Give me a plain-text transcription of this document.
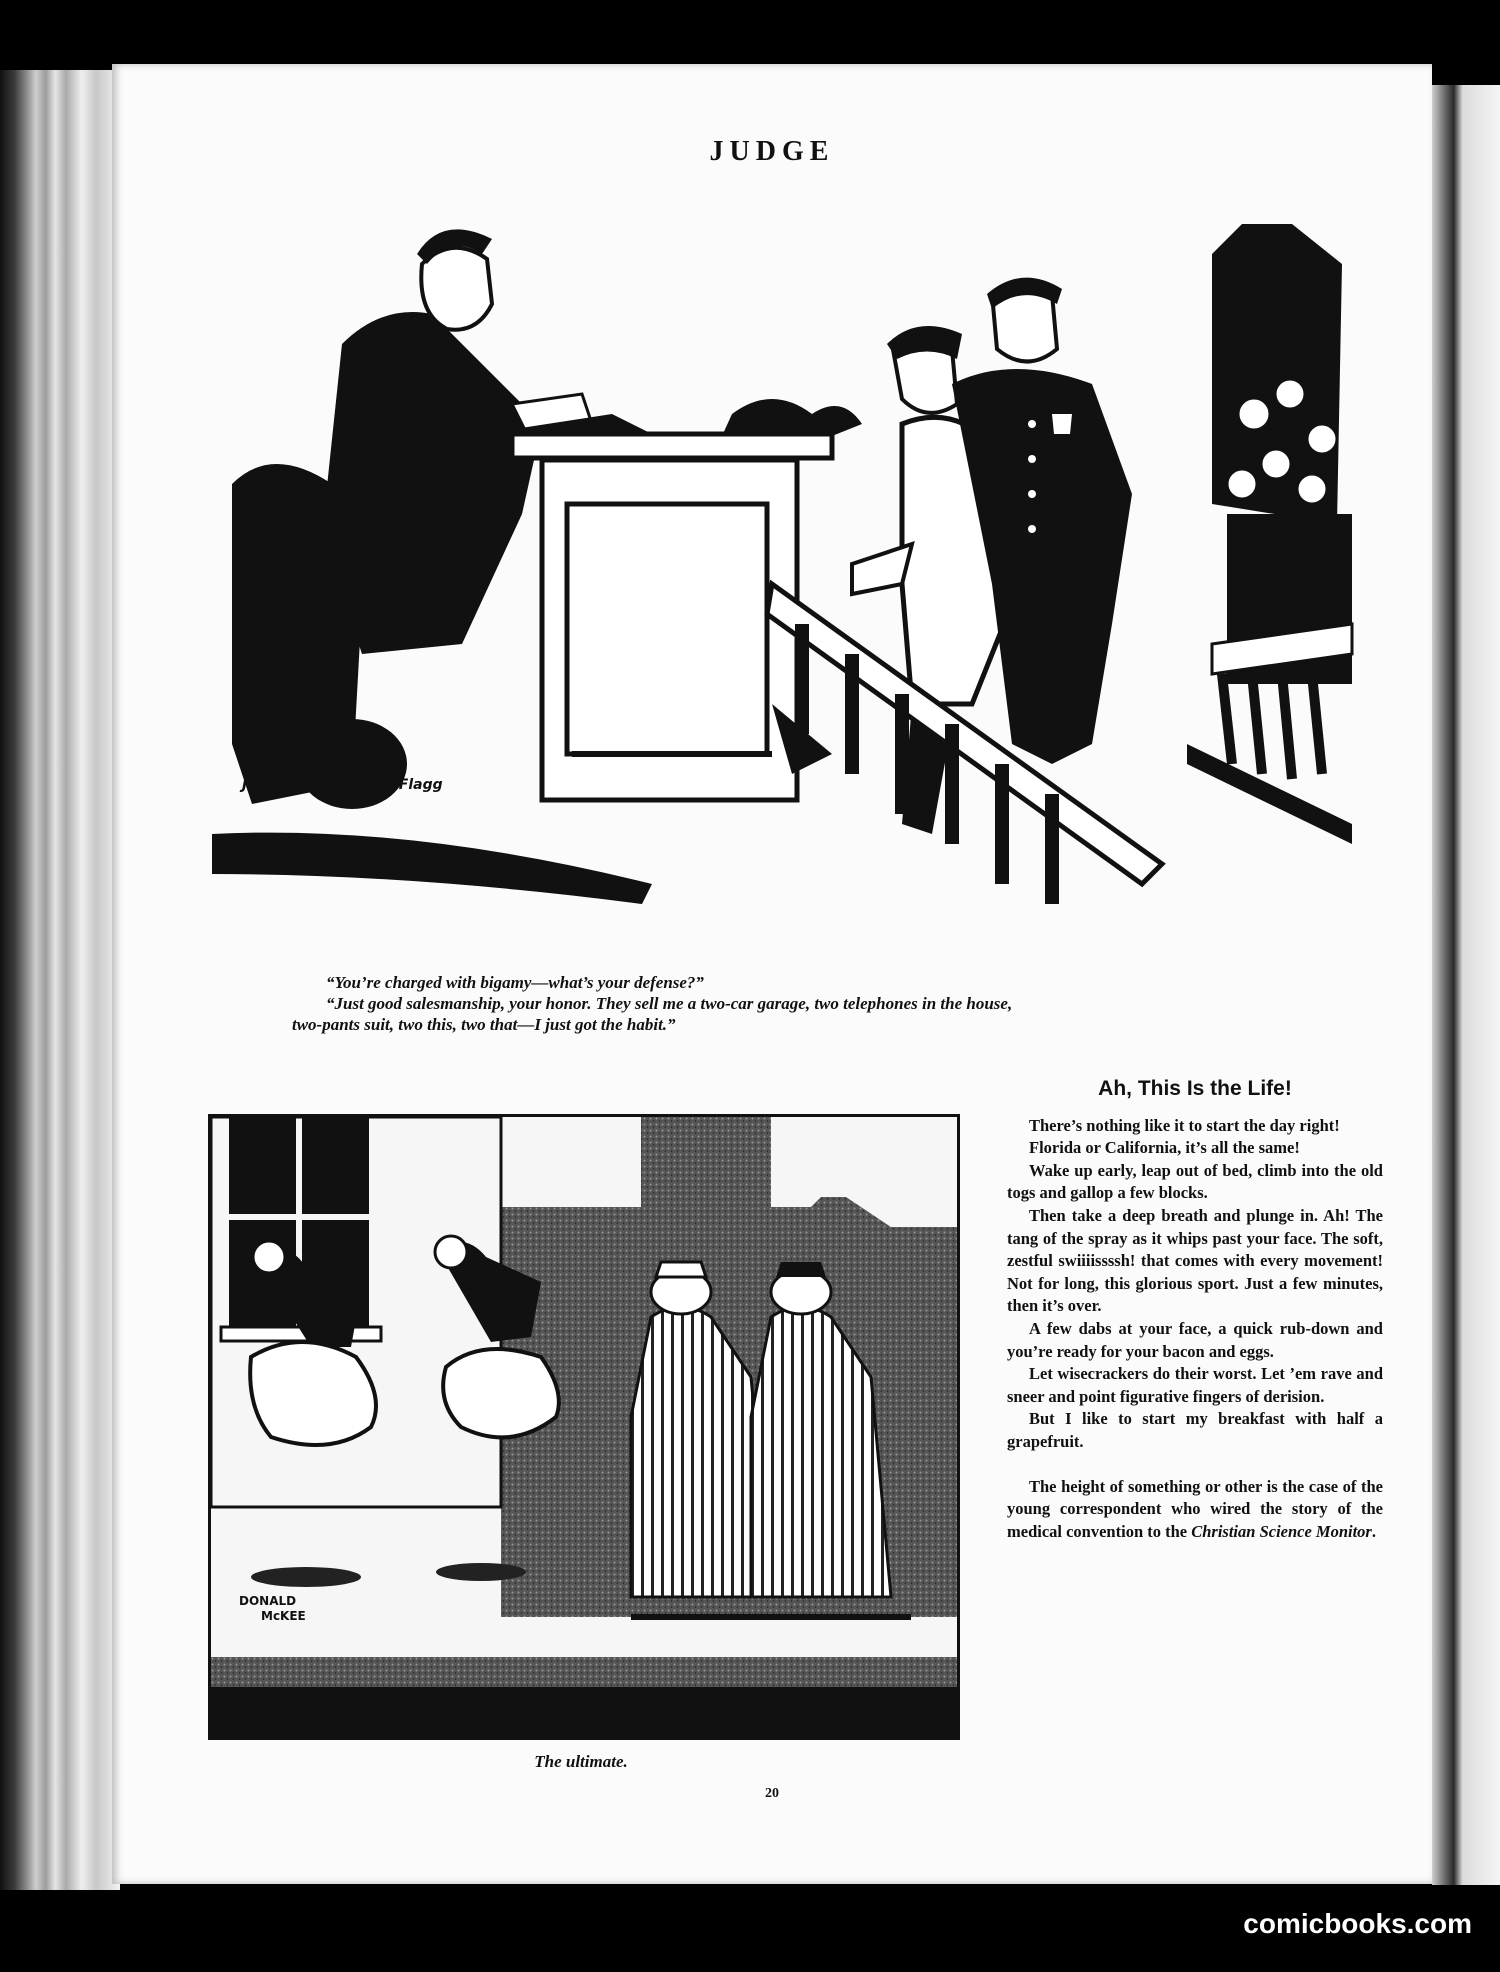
JUDGE
James Montgomery Flagg
“You’re charged with bigamy—what’s your defense?”
“Just good salesmanship, your honor. They sell me a two-car garage, two telephones in the house,
two-pants suit, two this, two that—I just got the habit.”
DONALD
McKEE
The ultimate.
Ah, This Is the Life!

There’s nothing like it to start the day right!

Florida or California, it’s all the same!

Wake up early, leap out of bed, climb into the old togs and gallop a few blocks.

Then take a deep breath and plunge in. Ah! The tang of the spray as it whips past your face. The soft, zestful swiiiissssh! that comes with every movement! Not for long, this glorious sport. Just a few minutes, then it’s over.

A few dabs at your face, a quick rub-down and you’re ready for your bacon and eggs.

Let wisecrackers do their worst. Let ’em rave and sneer and point figurative fingers of derision.

But I like to start my breakfast with half a grapefruit.

The height of something or other is the case of the young correspondent who wired the story of the medical convention to the Christian Science Monitor.

20
comicbooks.com
